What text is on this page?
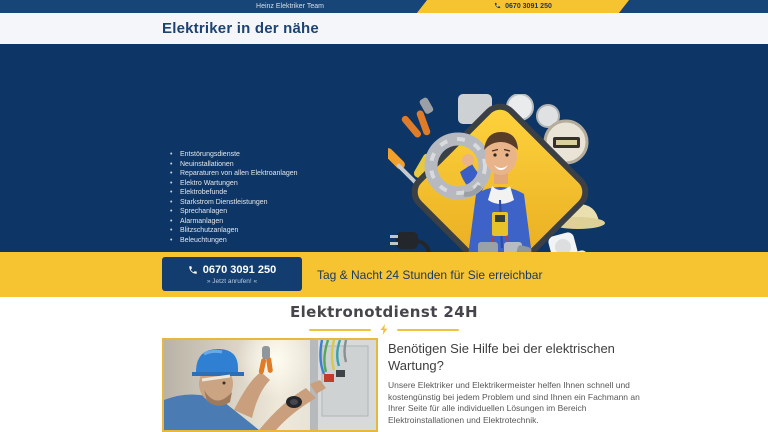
Heinz Elektriker Team	0670 3091 250
Elektriker in der nähe
• Entstörungsdienste
• Neuinstallationen
• Reparaturen von allen Elektroanlagen
• Elektro Wartungen
• Elektrobefunde
• Starkstrom Dienstleistungen
• Sprechanlagen
• Alarmanlagen
• Blitzschutzanlagen
• Beleuchtungen
0670 3091 250
» Jetzt anrufen! «	Tag & Nacht 24 Stunden für Sie erreichbar
Elektronotdienst 24H
Benötigen Sie Hilfe bei der elektrischen Wartung?

Unsere Elektriker und Elektrikermeister helfen Ihnen schnell und kostengünstig bei jedem Problem und sind Ihnen ein Fachmann an Ihrer Seite für alle individuellen Lösungen im Bereich Elektroinstallationen und Elektrotechnik.
